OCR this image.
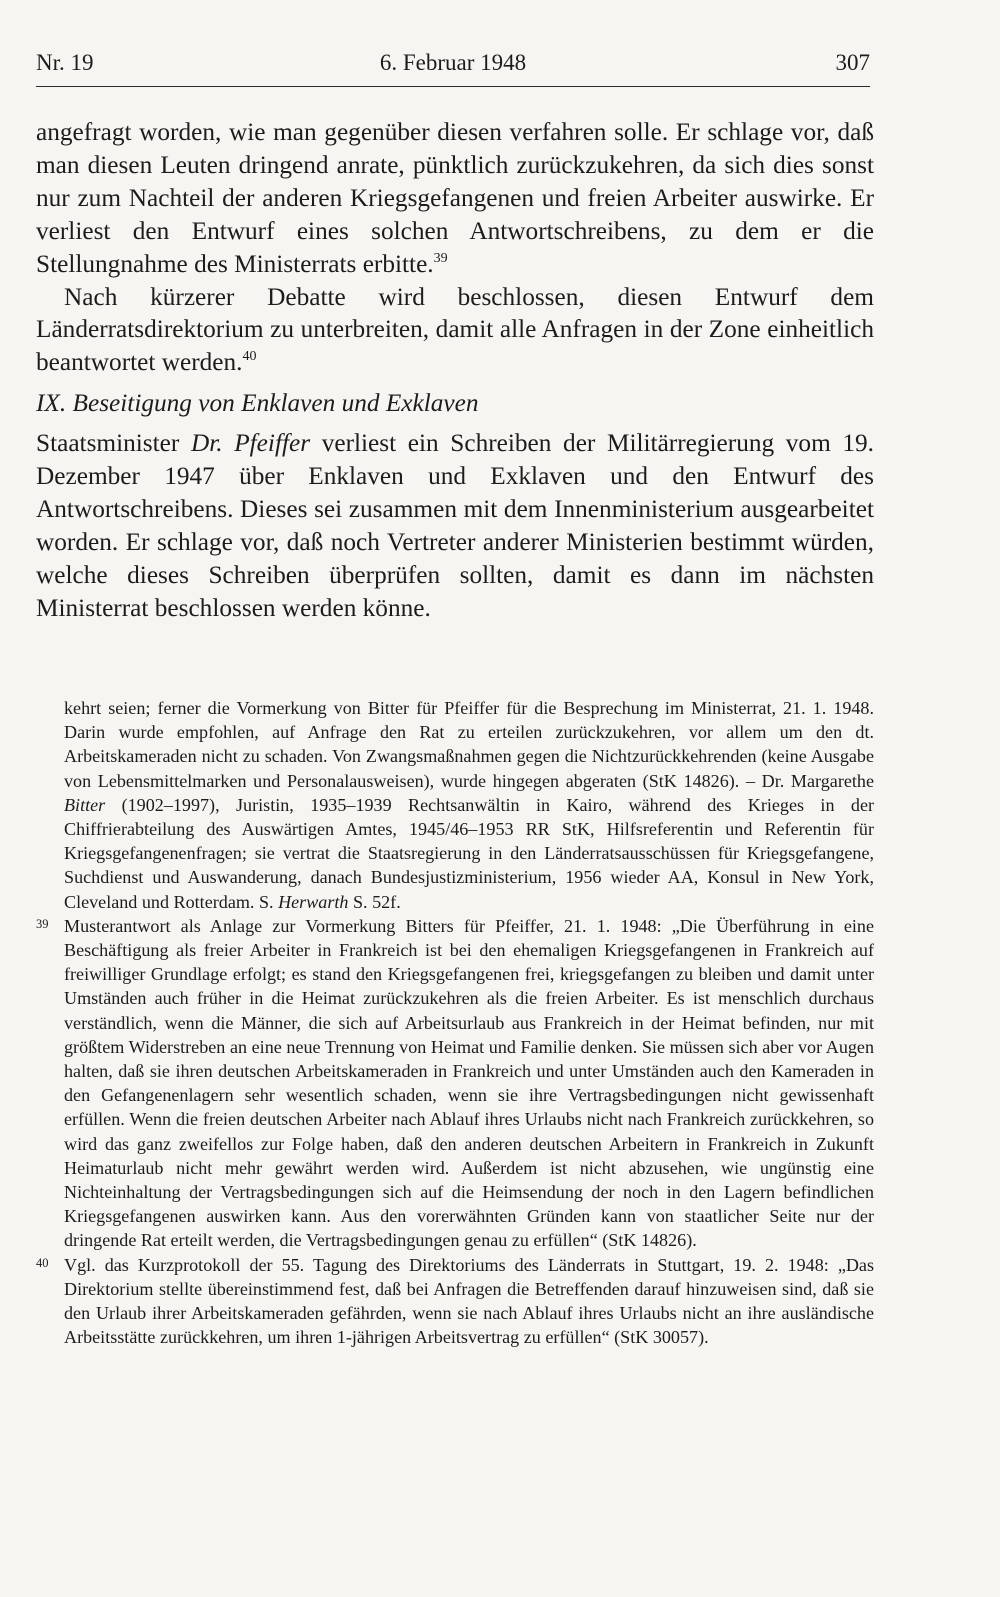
Nr. 19	6. Februar 1948	307

angefragt worden, wie man gegenüber diesen verfahren solle. Er schlage vor, daß man diesen Leuten dringend anrate, pünktlich zurückzukehren, da sich dies sonst nur zum Nachteil der anderen Kriegsgefangenen und freien Arbeiter auswirke. Er verliest den Entwurf eines solchen Antwortschreibens, zu dem er die Stellungnahme des Ministerrats erbitte.$^{39}$

Nach kürzerer Debatte wird beschlossen, diesen Entwurf dem Länderratsdirektorium zu unterbreiten, damit alle Anfragen in der Zone einheitlich beantwortet werden.$^{40}$

IX. Beseitigung von Enklaven und Exklaven

Staatsminister Dr. Pfeiffer verliest ein Schreiben der Militärregierung vom 19. Dezember 1947 über Enklaven und Exklaven und den Entwurf des Antwortschreibens. Dieses sei zusammen mit dem Innenministerium ausgearbeitet worden. Er schlage vor, daß noch Vertreter anderer Ministerien bestimmt würden, welche dieses Schreiben überprüfen sollten, damit es dann im nächsten Ministerrat beschlossen werden könne.

kehrt seien; ferner die Vormerkung von Bitter für Pfeiffer für die Besprechung im Ministerrat, 21. 1. 1948. Darin wurde empfohlen, auf Anfrage den Rat zu erteilen zurückzukehren, vor allem um den dt. Arbeitskameraden nicht zu schaden. Von Zwangsmaßnahmen gegen die Nichtzurückkehrenden (keine Ausgabe von Lebensmittelmarken und Personalausweisen), wurde hingegen abgeraten (StK 14826). – Dr. Margarethe Bitter (1902–1997), Juristin, 1935–1939 Rechtsanwältin in Kairo, während des Krieges in der Chiffrierabteilung des Auswärtigen Amtes, 1945/46–1953 RR StK, Hilfsreferentin und Referentin für Kriegsgefangenenfragen; sie vertrat die Staatsregierung in den Länderratsausschüssen für Kriegsgefangene, Suchdienst und Auswanderung, danach Bundesjustizministerium, 1956 wieder AA, Konsul in New York, Cleveland und Rotterdam. S. Herwarth S. 52f.

39 Musterantwort als Anlage zur Vormerkung Bitters für Pfeiffer, 21. 1. 1948: „Die Überführung in eine Beschäftigung als freier Arbeiter in Frankreich ist bei den ehemaligen Kriegsgefangenen in Frankreich auf freiwilliger Grundlage erfolgt; es stand den Kriegsgefangenen frei, kriegsgefangen zu bleiben und damit unter Umständen auch früher in die Heimat zurückzukehren als die freien Arbeiter. Es ist menschlich durchaus verständlich, wenn die Männer, die sich auf Arbeitsurlaub aus Frankreich in der Heimat befinden, nur mit größtem Widerstreben an eine neue Trennung von Heimat und Familie denken. Sie müssen sich aber vor Augen halten, daß sie ihren deutschen Arbeitskameraden in Frankreich und unter Umständen auch den Kameraden in den Gefangenenlagern sehr wesentlich schaden, wenn sie ihre Vertragsbedingungen nicht gewissenhaft erfüllen. Wenn die freien deutschen Arbeiter nach Ablauf ihres Urlaubs nicht nach Frankreich zurückkehren, so wird das ganz zweifellos zur Folge haben, daß den anderen deutschen Arbeitern in Frankreich in Zukunft Heimaturlaub nicht mehr gewährt werden wird. Außerdem ist nicht abzusehen, wie ungünstig eine Nichteinhaltung der Vertragsbedingungen sich auf die Heimsendung der noch in den Lagern befindlichen Kriegsgefangenen auswirken kann. Aus den vorerwähnten Gründen kann von staatlicher Seite nur der dringende Rat erteilt werden, die Vertragsbedingungen genau zu erfüllen“ (StK 14826).

40 Vgl. das Kurzprotokoll der 55. Tagung des Direktoriums des Länderrats in Stuttgart, 19. 2. 1948: „Das Direktorium stellte übereinstimmend fest, daß bei Anfragen die Betreffenden darauf hinzuweisen sind, daß sie den Urlaub ihrer Arbeitskameraden gefährden, wenn sie nach Ablauf ihres Urlaubs nicht an ihre ausländische Arbeitsstätte zurückkehren, um ihren 1-jährigen Arbeitsvertrag zu erfüllen“ (StK 30057).
